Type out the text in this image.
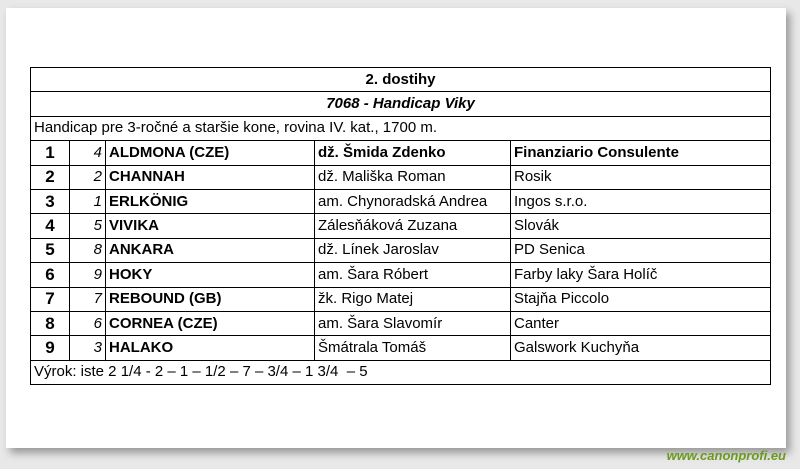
2. dostihy				
7068 - Handicap Viky				
Handicap pre 3-ročné a staršie kone, rovina IV. kat., 1700 m.				
1	4	ALDMONA (CZE)	dž. Šmida Zdenko	Finanziario Consulente
2	2	CHANNAH	dž. Mališka Roman	Rosik
3	1	ERLKÖNIG	am. Chynoradská Andrea	Ingos s.r.o.
4	5	VIVIKA	Zálesňáková Zuzana	Slovák
5	8	ANKARA	dž. Línek Jaroslav	PD Senica
6	9	HOKY	am. Šara Róbert	Farby laky Šara Holíč
7	7	REBOUND (GB)	žk. Rigo Matej	Stajňa Piccolo
8	6	CORNEA (CZE)	am. Šara Slavomír	Canter
9	3	HALAKO	Šmátrala Tomáš	Galswork Kuchyňa
Výrok: iste 2 1/4 - 2 – 1 – 1/2 – 7 – 3/4 – 1 3/4  – 5				
www.canonprofi.eu
